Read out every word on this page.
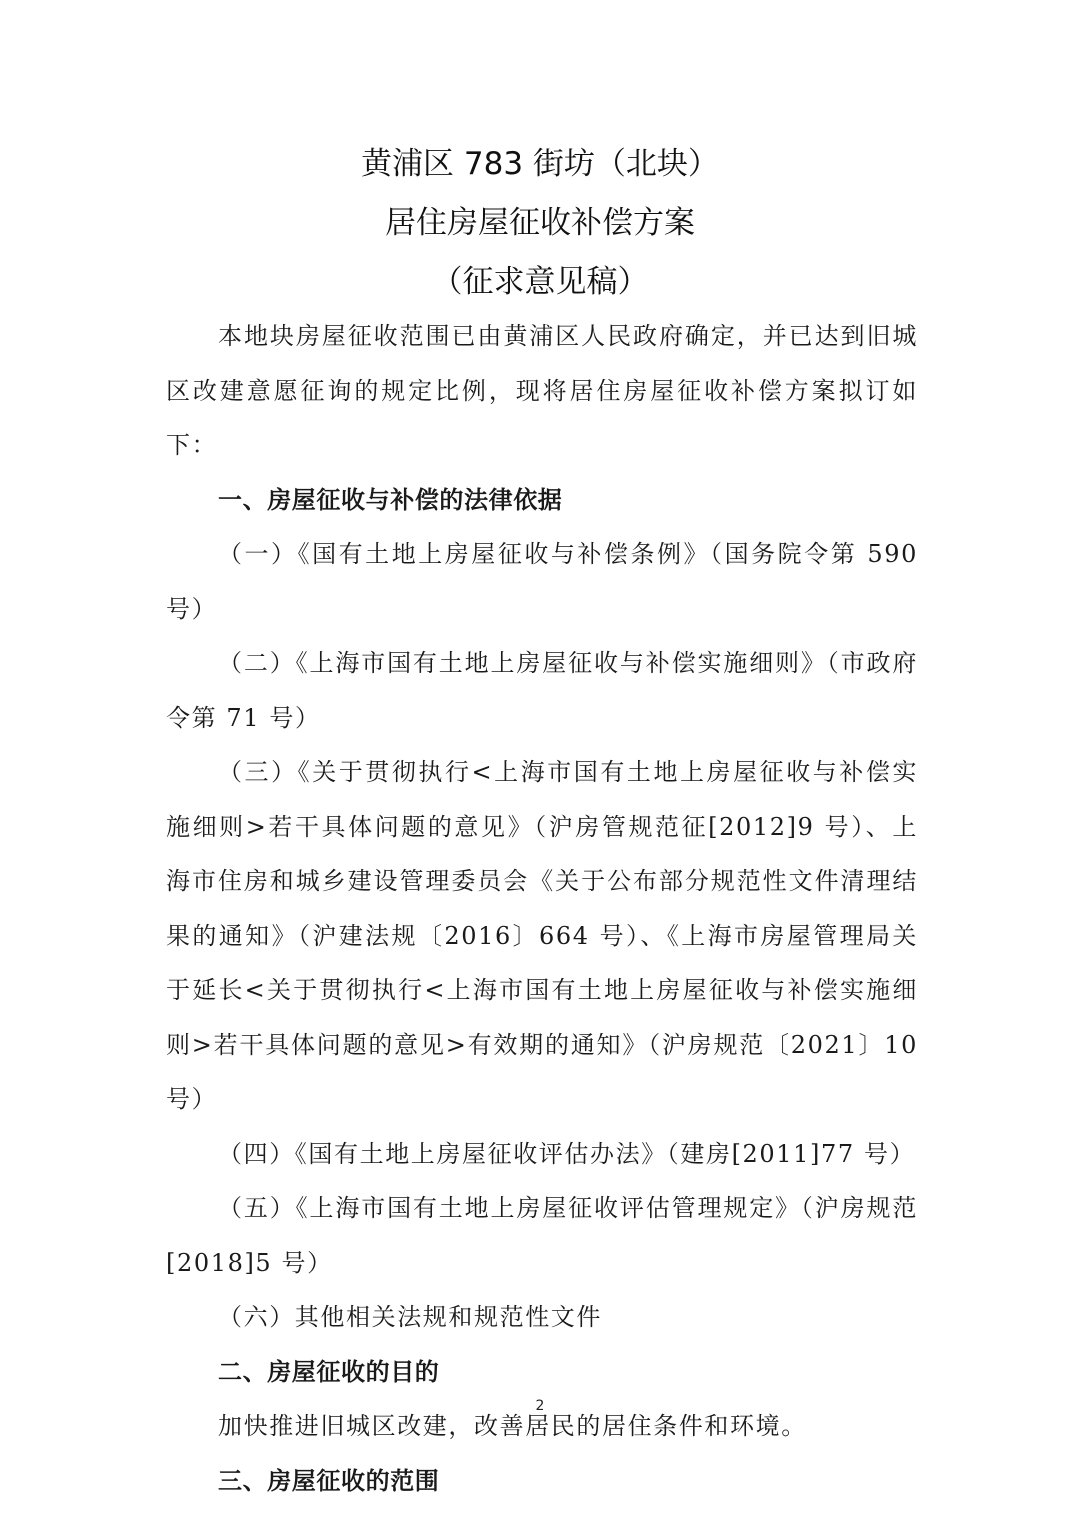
黄浦区 783 街坊（北块）
居住房屋征收补偿方案
（征求意见稿）

本地块房屋征收范围已由黄浦区人民政府确定，并已达到旧城区改建意愿征询的规定比例，现将居住房屋征收补偿方案拟订如下：

一、房屋征收与补偿的法律依据

（一）《国有土地上房屋征收与补偿条例》（国务院令第 590 号）

（二）《上海市国有土地上房屋征收与补偿实施细则》（市政府令第 71 号）

（三）《关于贯彻执行<上海市国有土地上房屋征收与补偿实施细则>若干具体问题的意见》（沪房管规范征[2012]9 号）、上海市住房和城乡建设管理委员会《关于公布部分规范性文件清理结果的通知》（沪建法规〔2016〕664 号）、《上海市房屋管理局关于延长<关于贯彻执行<上海市国有土地上房屋征收与补偿实施细则>若干具体问题的意见>有效期的通知》（沪房规范〔2021〕10 号）

（四）《国有土地上房屋征收评估办法》（建房[2011]77 号）

（五）《上海市国有土地上房屋征收评估管理规定》（沪房规范[2018]5 号）

（六）其他相关法规和规范性文件

二、房屋征收的目的

加快推进旧城区改建，改善居民的居住条件和环境。

三、房屋征收的范围

2
